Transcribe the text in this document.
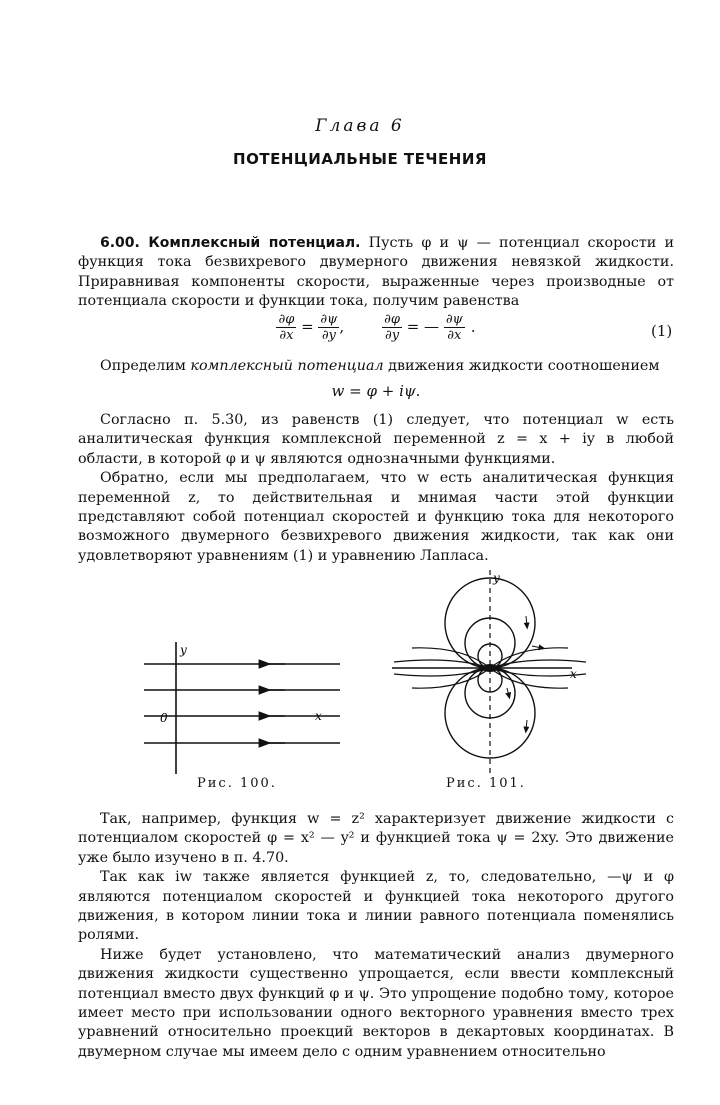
Глава 6
ПОТЕНЦИАЛЬНЫЕ ТЕЧЕНИЯ

6.00. Комплексный потенциал. Пусть φ и ψ — потенциал скорости и функция тока безвихревого двумерного движения невязкой жидкости. Приравнивая компоненты скорости, выраженные через производные от потенциала скорости и функции тока, получим равенства

$\frac{\partial\varphi}{\partial x} = \frac{\partial\psi}{\partial y}$ ,	$\frac{\partial\varphi}{\partial y}$ = — $\frac{\partial\psi}{\partial x}$ .	(1)

Определим комплексный потенциал движения жидкости соотношением

w = φ + iψ.

Согласно п. 5.30, из равенств (1) следует, что потенциал w есть аналитическая функция комплексной переменной z = x + iy в любой области, в которой φ и ψ являются однозначными функциями.

Обратно, если мы предполагаем, что w есть аналитическая функция переменной z, то действительная и мнимая части этой функции представляют собой потенциал скоростей и функцию тока для некоторого возможного двумерного безвихревого движения жидкости, так как они удовлетворяют уравнениям (1) и уравнению Лапласа.

y
0	x
Рис. 100.
y
x
Рис. 101.

Так, например, функция w = z² характеризует движение жидкости с потенциалом скоростей φ = x² — y² и функцией тока ψ = 2xy. Это движение уже было изучено в п. 4.70.

Так как iw также является функцией z, то, следовательно, —ψ и φ являются потенциалом скоростей и функцией тока некоторого другого движения, в котором линии тока и линии равного потенциала поменялись ролями.

Ниже будет установлено, что математический анализ двумерного движения жидкости существенно упрощается, если ввести комплексный потенциал вместо двух функций φ и ψ. Это упрощение подобно тому, которое имеет место при использовании одного векторного уравнения вместо трех уравнений относительно проекций векторов в декартовых координатах. В двумерном случае мы имеем дело с одним уравнением относительно
